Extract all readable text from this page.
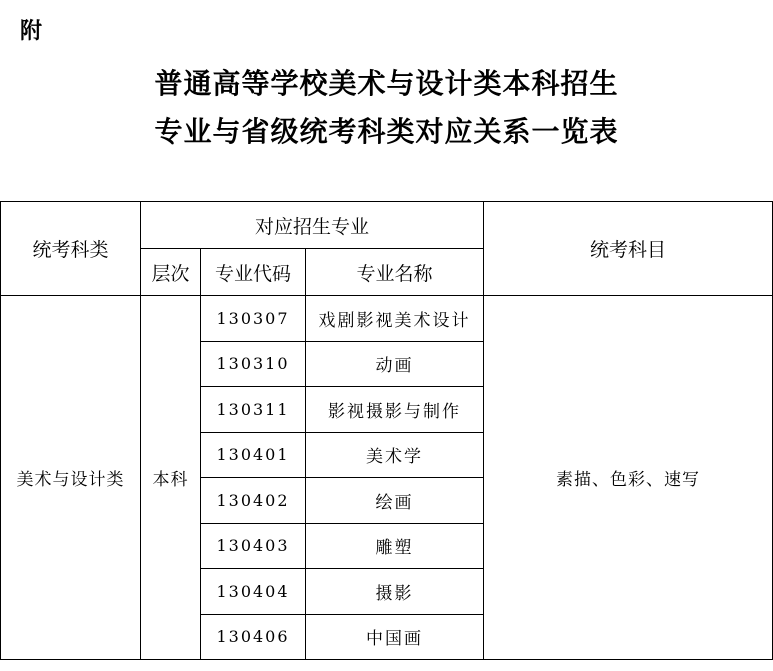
附
普通高等学校美术与设计类本科招生
专业与省级统考科类对应关系一览表
统考科类	对应招生专业			统考科目
	层次	专业代码	专业名称	
美术与设计类	本科	130307	戏剧影视美术设计	素描、色彩、速写
		130310	动画	
		130311	影视摄影与制作	
		130401	美术学	
		130402	绘画	
		130403	雕塑	
		130404	摄影	
		130406	中国画	
